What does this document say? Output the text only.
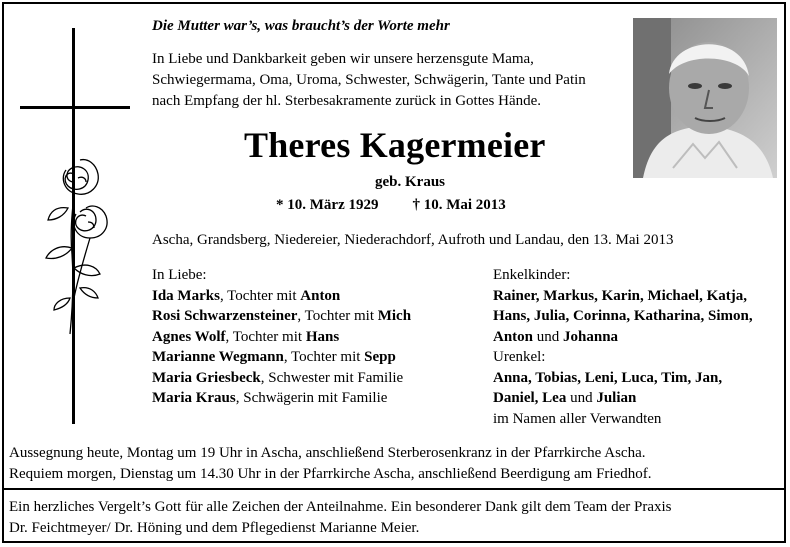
Die Mutter war’s, was braucht’s der Worte mehr
In Liebe und Dankbarkeit geben wir unsere herzensgute Mama,
Schwiegermama, Oma, Uroma, Schwester, Schwägerin, Tante und Patin
nach Empfang der hl. Sterbesakramente zurück in Gottes Hände.
Theres Kagermeier
geb. Kraus
* 10. März 1929 † 10. Mai 2013
Ascha, Grandsberg, Niedereier, Niederachdorf, Aufroth und Landau, den 13. Mai 2013
In Liebe:
Ida Marks, Tochter mit Anton
Rosi Schwarzensteiner, Tochter mit Mich
Agnes Wolf, Tochter mit Hans
Marianne Wegmann, Tochter mit Sepp
Maria Griesbeck, Schwester mit Familie
Maria Kraus, Schwägerin mit Familie
Enkelkinder:
Rainer, Markus, Karin, Michael, Katja,
Hans, Julia, Corinna, Katharina, Simon,
Anton und Johanna
Urenkel:
Anna, Tobias, Leni, Luca, Tim, Jan,
Daniel, Lea und Julian
im Namen aller Verwandten
Aussegnung heute, Montag um 19 Uhr in Ascha, anschließend Sterberosenkranz in der Pfarrkirche Ascha.
Requiem morgen, Dienstag um 14.30 Uhr in der Pfarrkirche Ascha, anschließend Beerdigung am Friedhof.
Ein herzliches Vergelt’s Gott für alle Zeichen der Anteilnahme. Ein besonderer Dank gilt dem Team der Praxis
Dr. Feichtmeyer/ Dr. Höning und dem Pflegedienst Marianne Meier.
